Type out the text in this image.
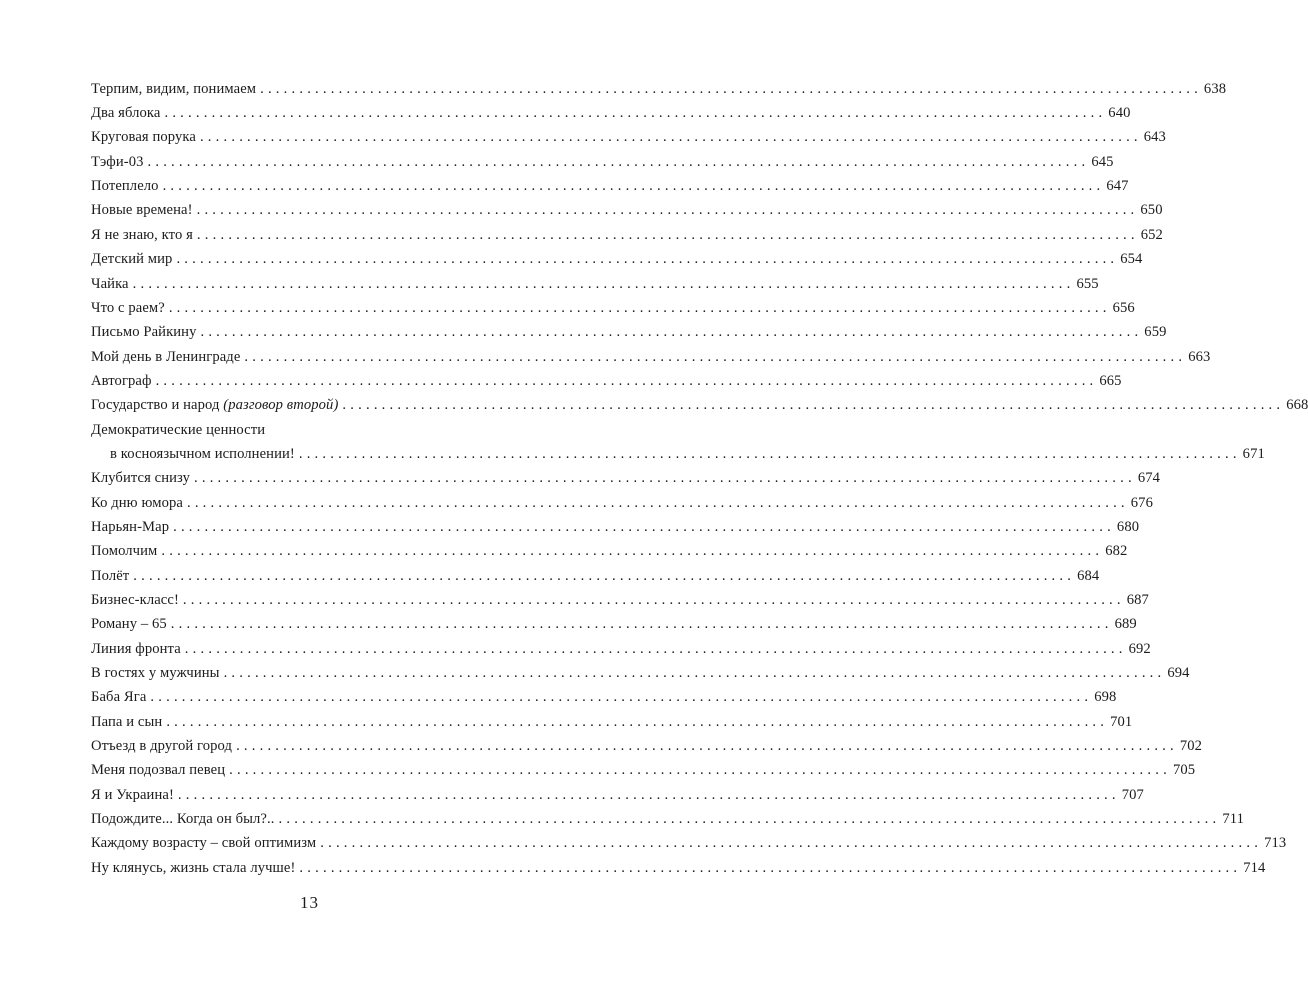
Терпим, видим, понимаем ........................................................................................................................ 638
Два яблока ........................................................................................................................ 640
Круговая порука ........................................................................................................................ 643
Тэфи-03 ........................................................................................................................ 645
Потеплело ........................................................................................................................ 647
Новые времена! ........................................................................................................................ 650
Я не знаю, кто я ........................................................................................................................ 652
Детский мир ........................................................................................................................ 654
Чайка ........................................................................................................................ 655
Что с раем? ........................................................................................................................ 656
Письмо Райкину ........................................................................................................................ 659
Мой день в Ленинграде ........................................................................................................................ 663
Автограф ........................................................................................................................ 665
Государство и народ (разговор второй) ........................................................................................................................ 668
Демократические ценности
в косноязычном исполнении! ........................................................................................................................ 671
Клубится снизу ........................................................................................................................ 674
Ко дню юмора ........................................................................................................................ 676
Нарьян-Мар ........................................................................................................................ 680
Помолчим ........................................................................................................................ 682
Полёт ........................................................................................................................ 684
Бизнес-класс! ........................................................................................................................ 687
Роману – 65 ........................................................................................................................ 689
Линия фронта ........................................................................................................................ 692
В гостях у мужчины ........................................................................................................................ 694
Баба Яга ........................................................................................................................ 698
Папа и сын ........................................................................................................................ 701
Отъезд в другой город ........................................................................................................................ 702
Меня подозвал певец ........................................................................................................................ 705
Я и Украина! ........................................................................................................................ 707
Подождите... Когда он был?.. ........................................................................................................................ 711
Каждому возрасту – свой оптимизм ........................................................................................................................ 713
Ну клянусь, жизнь стала лучше! ........................................................................................................................ 714
13
